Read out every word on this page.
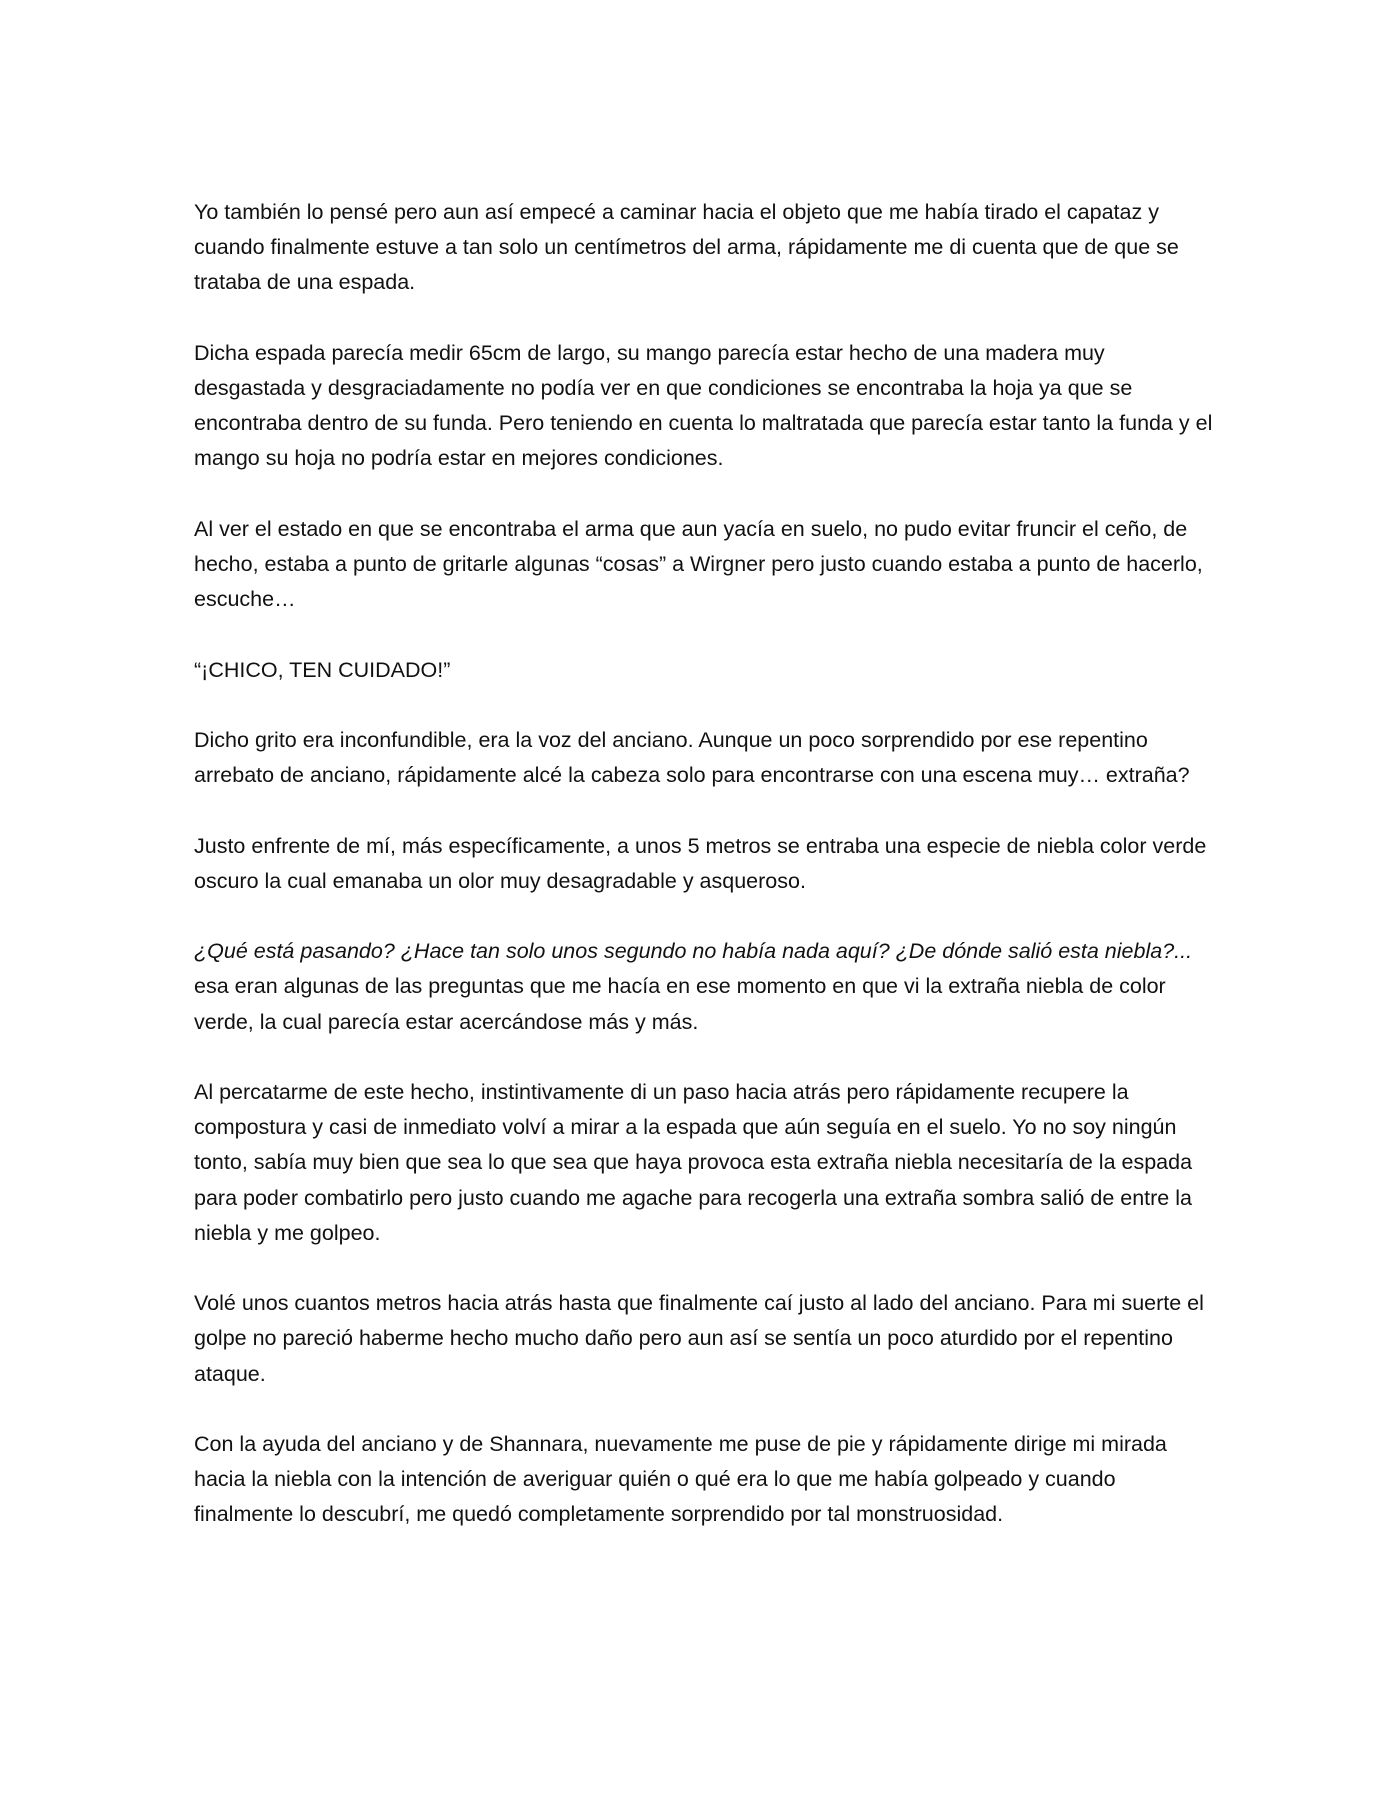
Yo también lo pensé pero aun así empecé a caminar hacia el objeto que me había tirado el capataz y cuando finalmente estuve a tan solo un centímetros del arma, rápidamente me di cuenta que de que se trataba de una espada.

Dicha espada parecía medir 65cm de largo, su mango parecía estar hecho de una madera muy desgastada y desgraciadamente no podía ver en que condiciones se encontraba la hoja ya que se encontraba dentro de su funda. Pero teniendo en cuenta lo maltratada que parecía estar tanto la funda y el mango su hoja no podría estar en mejores condiciones.

Al ver el estado en que se encontraba el arma que aun yacía en suelo, no pudo evitar fruncir el ceño, de hecho, estaba a punto de gritarle algunas “cosas” a Wirgner pero justo cuando estaba a punto de hacerlo, escuche…

“¡CHICO, TEN CUIDADO!”

Dicho grito era inconfundible, era la voz del anciano. Aunque un poco sorprendido por ese repentino arrebato de anciano, rápidamente alcé la cabeza solo para encontrarse con una escena muy… extraña?

Justo enfrente de mí, más específicamente, a unos 5 metros se entraba una especie de niebla color verde oscuro la cual emanaba un olor muy desagradable y asqueroso.

¿Qué está pasando? ¿Hace tan solo unos segundo no había nada aquí? ¿De dónde salió esta niebla?... esa eran algunas de las preguntas que me hacía en ese momento en que vi la extraña niebla de color verde, la cual parecía estar acercándose más y más.

Al percatarme de este hecho, instintivamente di un paso hacia atrás pero rápidamente recupere la compostura y casi de inmediato volví a mirar a la espada que aún seguía en el suelo. Yo no soy ningún tonto, sabía muy bien que sea lo que sea que haya provoca esta extraña niebla necesitaría de la espada para poder combatirlo pero justo cuando me agache para recogerla una extraña sombra salió de entre la niebla y me golpeo.

Volé unos cuantos metros hacia atrás hasta que finalmente caí justo al lado del anciano. Para mi suerte el golpe no pareció haberme hecho mucho daño pero aun así se sentía un poco aturdido por el repentino ataque.

Con la ayuda del anciano y de Shannara, nuevamente me puse de pie y rápidamente dirige mi mirada hacia la niebla con la intención de averiguar quién o qué era lo que me había golpeado y cuando finalmente lo descubrí, me quedó completamente sorprendido por tal monstruosidad.
